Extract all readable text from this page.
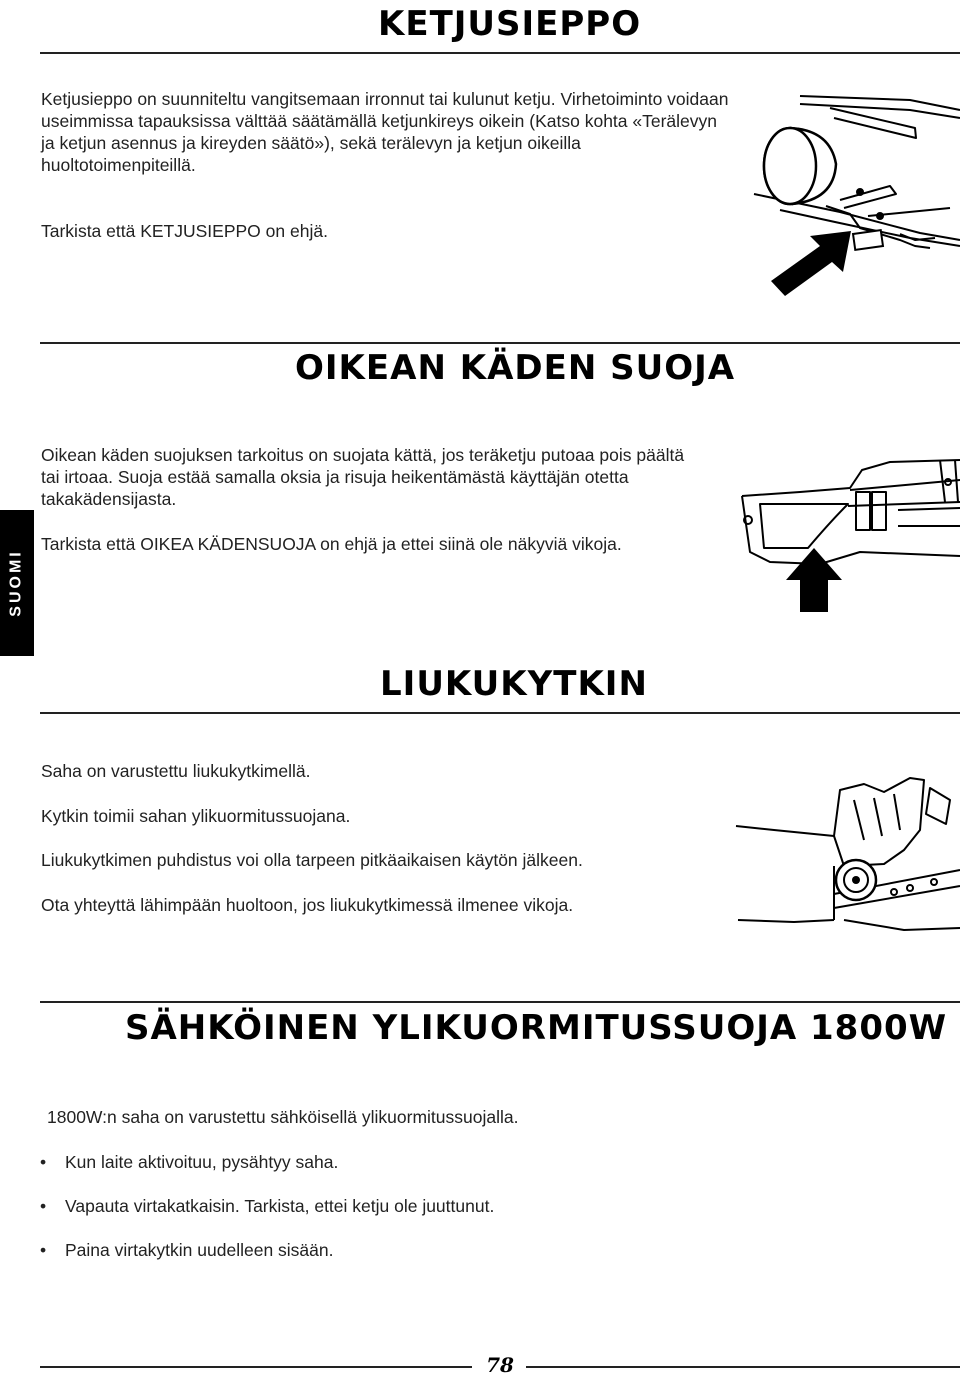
KETJUSIEPPO

Ketjusieppo on suunniteltu vangitsemaan irronnut tai kulunut ketju. Virhetoiminto voidaan useimmissa tapauksissa välttää säätämällä ketjunkireys oikein (Katso kohta «Terälevyn ja ketjun asennus ja kireyden säätö»), sekä terälevyn ja ketjun oikeilla huoltotoimenpiteillä.

Tarkista että KETJUSIEPPO on ehjä.

OIKEAN KÄDEN SUOJA

Oikean käden suojuksen tarkoitus on suojata kättä, jos teräketju putoaa pois päältä tai irtoaa. Suoja estää samalla oksia ja risuja heikentämästä käyttäjän otetta takakädensijasta.

Tarkista että OIKEA KÄDENSUOJA on ehjä ja ettei siinä ole näkyviä vikoja.

SUOMI
LIUKUKYTKIN

Saha on varustettu liukukytkimellä.

Kytkin toimii sahan ylikuormitussuojana.

Liukukytkimen puhdistus voi olla tarpeen pitkäaikaisen käytön jälkeen.

Ota yhteyttä lähimpään huoltoon, jos liukukytkimessä ilmenee vikoja.

SÄHKÖINEN YLIKUORMITUSSUOJA 1800W

1800W:n saha on varustettu sähköisellä ylikuormitussuojalla.

• Kun laite aktivoituu, pysähtyy saha.

• Vapauta virtakatkaisin. Tarkista, ettei ketju ole juuttunut.

• Paina virtakytkin uudelleen sisään.

78
